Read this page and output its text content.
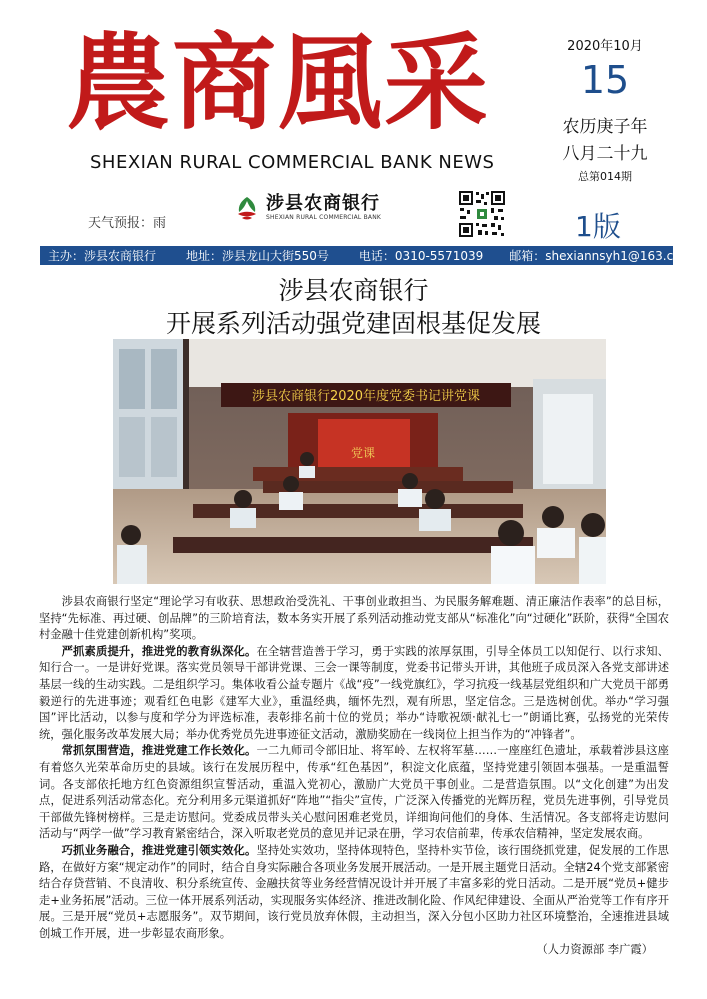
農商風采
SHEXIAN RURAL COMMERCIAL BANK NEWS
2020年10月
15
农历庚子年
八月二十九
总第014期
1版
天气预报：雨
涉县农商银行
SHEXIAN RURAL COMMERCIAL BANK
主办：涉县农商银行	地址：涉县龙山大街550号	电话：0310-5571039 邮箱：shexiannsyh1@163.com
涉县农商银行
开展系列活动强党建固根基促发展
涉县农商银行2020年度党委书记讲党课
党课

涉县农商银行坚定“理论学习有收获、思想政治受洗礼、干事创业敢担当、为民服务解难题、清正廉洁作表率”的总目标，坚持“先标准、再过硬、创品牌”的三阶培育法，数本务实开展了系列活动推动党支部从“标准化”向“过硬化”跃阶，获得“全国农村金融十佳党建创新机构”奖项。

严抓素质提升，推进党的教育纵深化。在全辖营造善于学习，勇于实践的浓厚氛围，引导全体员工以知促行、以行求知、知行合一。一是讲好党课。落实党员领导干部讲党课、三会一课等制度，党委书记带头开讲，其他班子成员深入各党支部讲述基层一线的生动实践。二是组织学习。集体收看公益专题片《战“疫”一线党旗红》，学习抗疫一线基层党组织和广大党员干部勇毅逆行的先进事迹；观看红色电影《建军大业》，重温经典，缅怀先烈，观有所思，坚定信念。三是选树创优。举办“学习强国”评比活动，以参与度和学分为评选标准，表彰排名前十位的党员；举办“诗歌祝颂·献礼七一”朗诵比赛，弘扬党的光荣传统，强化服务改革发展大局；举办优秀党员先进事迹征文活动，激励奖励在一线岗位上担当作为的“冲锋者”。

常抓氛围营造，推进党建工作长效化。一二九师司令部旧址、将军岭、左权将军墓……一座座红色遗址，承载着涉县这座有着悠久光荣革命历史的县域。该行在发展历程中，传承“红色基因”，积淀文化底蕴，坚持党建引领固本强基。一是重温誓词。各支部依托地方红色资源组织宣誓活动，重温入党初心，激励广大党员干事创业。二是营造氛围。以“文化创建”为出发点，促进系列活动常态化。充分利用多元渠道抓好“阵地”“指尖”宣传，广泛深入传播党的光辉历程，党员先进事例，引导党员干部做先锋树榜样。三是走访慰问。党委成员带头关心慰问困难老党员，详细询问他们的身体、生活情况。各支部将走访慰问活动与“两学一做”学习教育紧密结合，深入听取老党员的意见并记录在册，学习农信前辈，传承农信精神，坚定发展农商。

巧抓业务融合，推进党建引领实效化。坚持处实效功，坚持体现特色，坚持朴实节俭，该行围绕抓党建，促发展的工作思路，在做好方案“规定动作”的同时，结合自身实际融合各项业务发展开展活动。一是开展主题党日活动。全辖24个党支部紧密结合存贷营销、不良清收、积分系统宣传、金融扶贫等业务经营情况设计并开展了丰富多彩的党日活动。二是开展“党员+健步走+业务拓展”活动。三位一体开展系列活动，实现服务实体经济、推进改制化险、作风纪律建设、全面从严治党等工作有序开展。三是开展“党员+志愿服务”。双节期间，该行党员放弃休假，主动担当，深入分包小区助力社区环境整治，全速推进县域创城工作开展，进一步彰显农商形象。

（人力资源部 李广霞）
